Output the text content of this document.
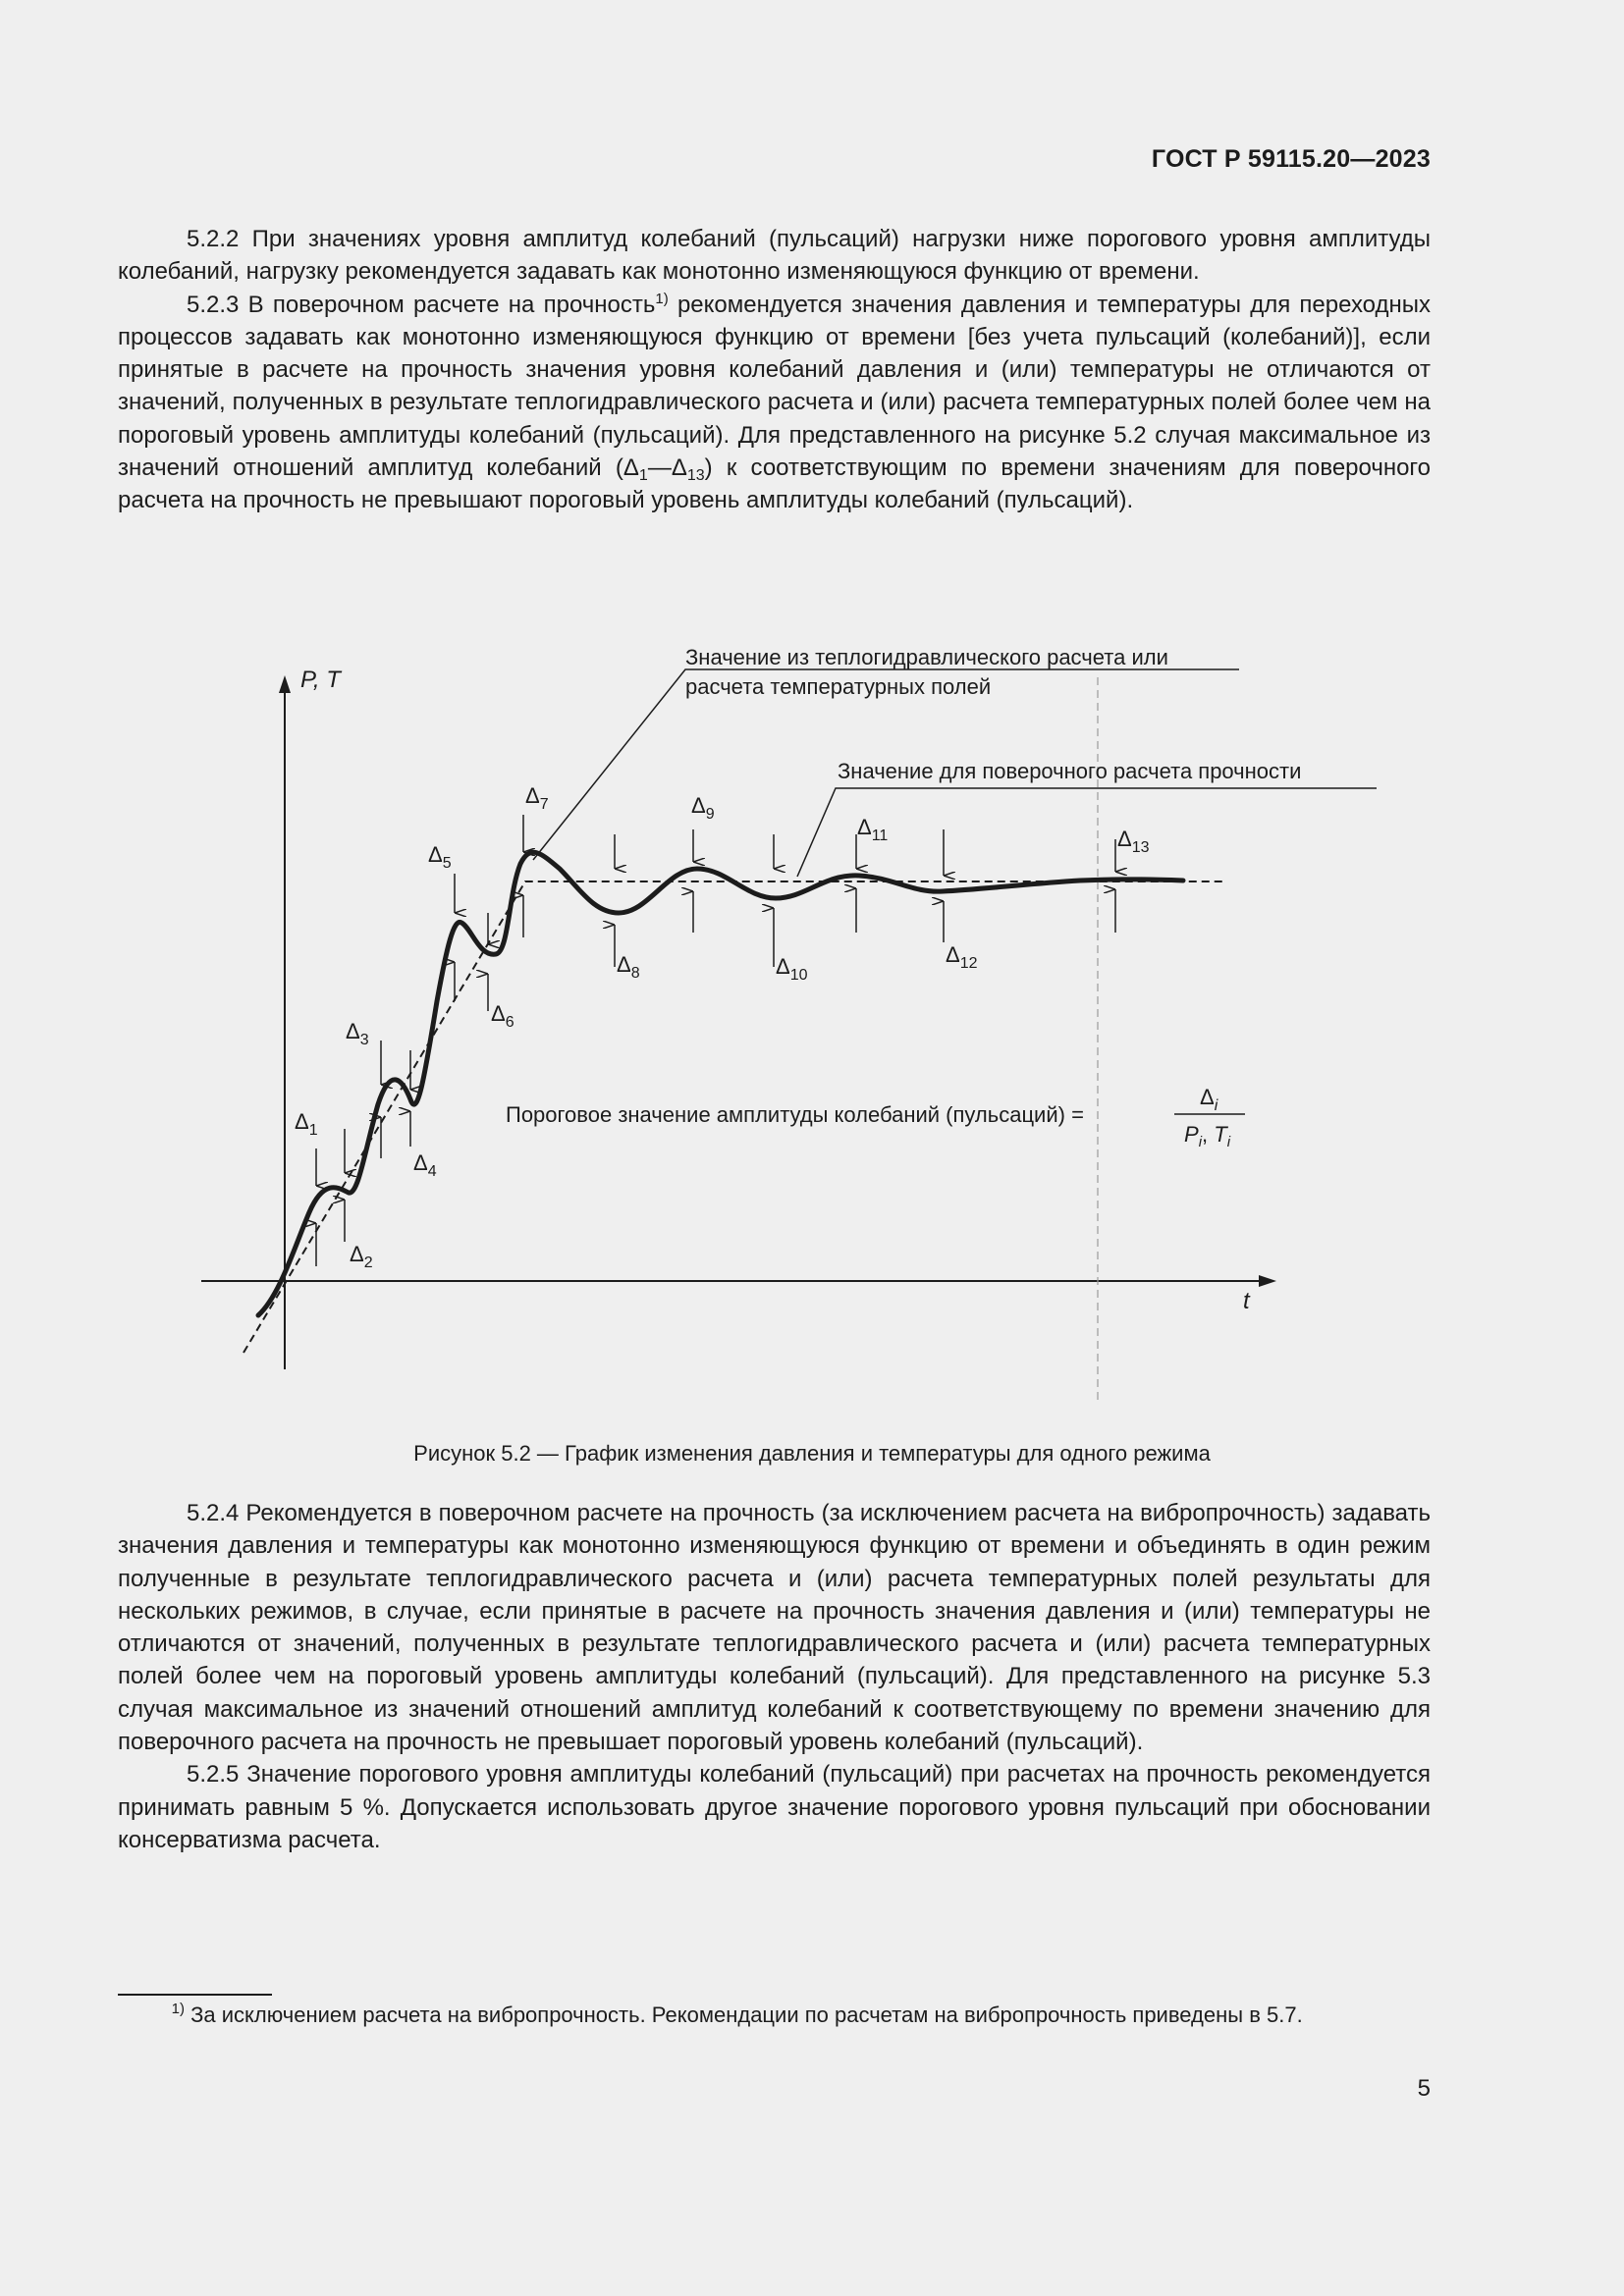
ГОСТ Р 59115.20—2023

5.2.2 При значениях уровня амплитуд колебаний (пульсаций) нагрузки ниже порогового уровня амплитуды колебаний, нагрузку рекомендуется задавать как монотонно изменяющуюся функцию от времени.

5.2.3 В поверочном расчете на прочность$^{1)}$ рекомендуется значения давления и температуры для переходных процессов задавать как монотонно изменяющуюся функцию от времени [без учета пульсаций (колебаний)], если принятые в расчете на прочность значения уровня колебаний давления и (или) температуры не отличаются от значений, полученных в результате теплогидравлического расчета и (или) расчета температурных полей более чем на пороговый уровень амплитуды колебаний (пульсаций). Для представленного на рисунке 5.2 случая максимальное из значений отношений амплитуд колебаний $(\Delta_1—\Delta_{13})$ к соответствующим по времени значениям для поверочного расчета на прочность не превышают пороговый уровень амплитуды колебаний (пульсаций).

P, T
t
Значение из теплогидравлического расчета или
расчета температурных полей
Значение для поверочного расчета прочности
Пороговое значение амплитуды колебаний (пульсаций) =
$\Delta_i$
$P_i$, $T_i$
$\Delta_1$
$\Delta_2$
$\Delta_3$
$\Delta_4$
$\Delta_5$
$\Delta_6$
$\Delta_7$
$\Delta_8$
$\Delta_9$
$\Delta_{10}$
$\Delta_{11}$
$\Delta_{12}$
$\Delta_{13}$
Рисунок 5.2 — График изменения давления и температуры для одного режима

5.2.4 Рекомендуется в поверочном расчете на прочность (за исключением расчета на вибропрочность) задавать значения давления и температуры как монотонно изменяющуюся функцию от времени и объединять в один режим полученные в результате теплогидравлического расчета и (или) расчета температурных полей результаты для нескольких режимов, в случае, если принятые в расчете на прочность значения давления и (или) температуры не отличаются от значений, полученных в результате теплогидравлического расчета и (или) расчета температурных полей более чем на пороговый уровень амплитуды колебаний (пульсаций). Для представленного на рисунке 5.3 случая максимальное из значений отношений амплитуд колебаний к соответствующему по времени значению для поверочного расчета на прочность не превышает пороговый уровень колебаний (пульсаций).

5.2.5 Значение порогового уровня амплитуды колебаний (пульсаций) при расчетах на прочность рекомендуется принимать равным 5 %. Допускается использовать другое значение порогового уровня пульсаций при обосновании консерватизма расчета.

$^{1)}$ За исключением расчета на вибропрочность. Рекомендации по расчетам на вибропрочность приведены в 5.7.
5
